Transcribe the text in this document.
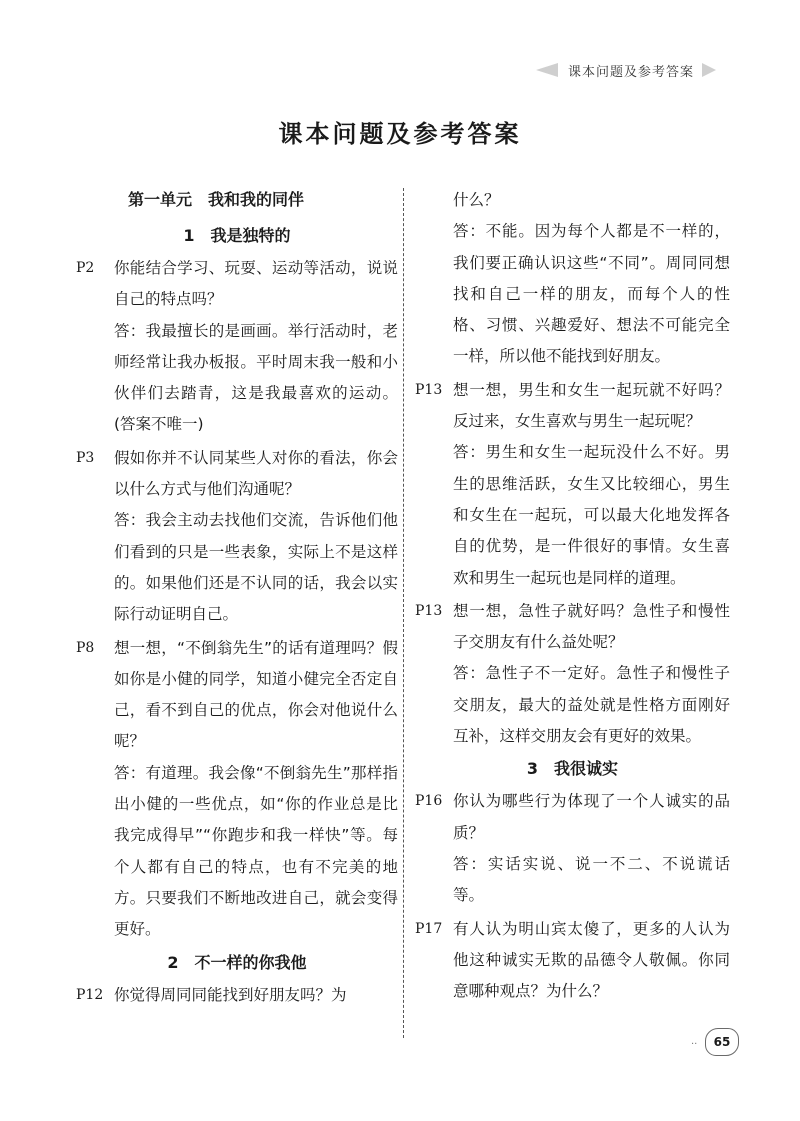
课本问题及参考答案
课本问题及参考答案
第一单元　我和我的同伴
1　我是独特的
P2 你能结合学习、玩耍、运动等活动，说说自己的特点吗？

答：我最擅长的是画画。举行活动时，老师经常让我办板报。平时周末我一般和小伙伴们去踏青，这是我最喜欢的运动。(答案不唯一)

P3 假如你并不认同某些人对你的看法，你会以什么方式与他们沟通呢？

答：我会主动去找他们交流，告诉他们他们看到的只是一些表象，实际上不是这样的。如果他们还是不认同的话，我会以实际行动证明自己。

P8 想一想，“不倒翁先生”的话有道理吗？假如你是小健的同学，知道小健完全否定自己，看不到自己的优点，你会对他说什么呢？

答：有道理。我会像“不倒翁先生”那样指出小健的一些优点，如“你的作业总是比我完成得早”“你跑步和我一样快”等。每个人都有自己的特点，也有不完美的地方。只要我们不断地改进自己，就会变得更好。

2　不一样的你我他
P12 你觉得周同同能找到好朋友吗？为

什么？

答：不能。因为每个人都是不一样的，我们要正确认识这些“不同”。周同同想找和自己一样的朋友，而每个人的性格、习惯、兴趣爱好、想法不可能完全一样，所以他不能找到好朋友。

P13 想一想，男生和女生一起玩就不好吗？反过来，女生喜欢与男生一起玩呢？

答：男生和女生一起玩没什么不好。男生的思维活跃，女生又比较细心，男生和女生在一起玩，可以最大化地发挥各自的优势，是一件很好的事情。女生喜欢和男生一起玩也是同样的道理。

P13 想一想，急性子就好吗？急性子和慢性子交朋友有什么益处呢？

答：急性子不一定好。急性子和慢性子交朋友，最大的益处就是性格方面刚好互补，这样交朋友会有更好的效果。

3　我很诚实
P16 你认为哪些行为体现了一个人诚实的品质？

答：实话实说、说一不二、不说谎话等。

P17 有人认为明山宾太傻了，更多的人认为他这种诚实无欺的品德令人敬佩。你同意哪种观点？为什么？

·· 65
